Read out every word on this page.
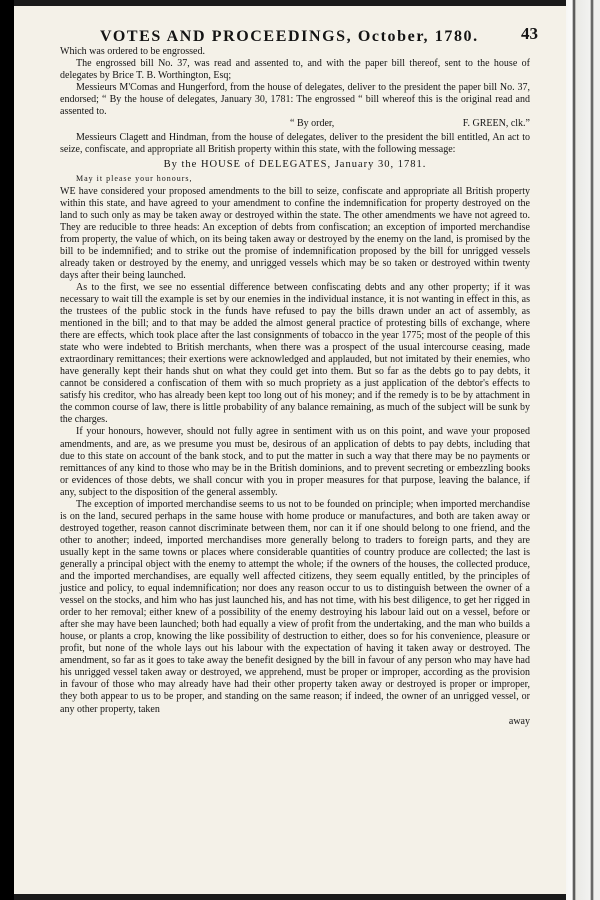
VOTES AND PROCEEDINGS, October, 1780. 43

Which was ordered to be engrossed.

The engrossed bill No. 37, was read and assented to, and with the paper bill thereof, sent to the house of delegates by Brice T. B. Worthington, Esq;

Messieurs M'Comas and Hungerford, from the house of delegates, deliver to the president the paper bill No. 37, endorsed; “ By the house of delegates, January 30, 1781: The engrossed “ bill whereof this is the original read and assented to.

“ By order,	F. GREEN, clk.”

Messieurs Clagett and Hindman, from the house of delegates, deliver to the president the bill entitled, An act to seize, confiscate, and appropriate all British property within this state, with the following message:

By the HOUSE of DELEGATES, January 30, 1781.
May it please your honours,

WE have considered your proposed amendments to the bill to seize, confiscate and appropriate all British property within this state, and have agreed to your amendment to confine the indemnification for property destroyed on the land to such only as may be taken away or destroyed within the state. The other amendments we have not agreed to. They are reducible to three heads: An exception of debts from confiscation; an exception of imported merchandise from property, the value of which, on its being taken away or destroyed by the enemy on the land, is promised by the bill to be indemnified; and to strike out the promise of indemnification proposed by the bill for unrigged vessels already taken or destroyed by the enemy, and unrigged vessels which may be so taken or destroyed within twenty days after their being launched.

As to the first, we see no essential difference between confiscating debts and any other property; if it was necessary to wait till the example is set by our enemies in the individual instance, it is not wanting in effect in this, as the trustees of the public stock in the funds have refused to pay the bills drawn under an act of assembly, as mentioned in the bill; and to that may be added the almost general practice of protesting bills of exchange, where there are effects, which took place after the last consignments of tobacco in the year 1775; most of the people of this state who were indebted to British merchants, when there was a prospect of the usual intercourse ceasing, made extraordinary remittances; their exertions were acknowledged and applauded, but not imitated by their enemies, who have generally kept their hands shut on what they could get into them. But so far as the debts go to pay debts, it cannot be considered a confiscation of them with so much propriety as a just application of the debtor's effects to satisfy his creditor, who has already been kept too long out of his money; and if the remedy is to be by attachment in the common course of law, there is little probability of any balance remaining, as much of the subject will be sunk by the charges.

If your honours, however, should not fully agree in sentiment with us on this point, and wave your proposed amendments, and are, as we presume you must be, desirous of an application of debts to pay debts, including that due to this state on account of the bank stock, and to put the matter in such a way that there may be no payments or remittances of any kind to those who may be in the British dominions, and to prevent secreting or embezzling books or evidences of those debts, we shall concur with you in proper measures for that purpose, leaving the balance, if any, subject to the disposition of the general assembly.

The exception of imported merchandise seems to us not to be founded on principle; when imported merchandise is on the land, secured perhaps in the same house with home produce or manufactures, and both are taken away or destroyed together, reason cannot discriminate between them, nor can it if one should belong to one friend, and the other to another; indeed, imported merchandises more generally belong to traders to foreign parts, and they are usually kept in the same towns or places where considerable quantities of country produce are collected; the last is generally a principal object with the enemy to attempt the whole; if the owners of the houses, the collected produce, and the imported merchandises, are equally well affected citizens, they seem equally entitled, by the principles of justice and policy, to equal indemnification; nor does any reason occur to us to distinguish between the owner of a vessel on the stocks, and him who has just launched his, and has not time, with his best diligence, to get her rigged in order to her removal; either knew of a possibility of the enemy destroying his labour laid out on a vessel, before or after she may have been launched; both had equally a view of profit from the undertaking, and the man who builds a house, or plants a crop, knowing the like possibility of destruction to either, does so for his convenience, pleasure or profit, but none of the whole lays out his labour with the expectation of having it taken away or destroyed. The amendment, so far as it goes to take away the benefit designed by the bill in favour of any person who may have had his unrigged vessel taken away or destroyed, we apprehend, must be proper or improper, according as the provision in favour of those who may already have had their other property taken away or destroyed is proper or improper, they both appear to us to be proper, and standing on the same reason; if indeed, the owner of an unrigged vessel, or any other property, taken

away
